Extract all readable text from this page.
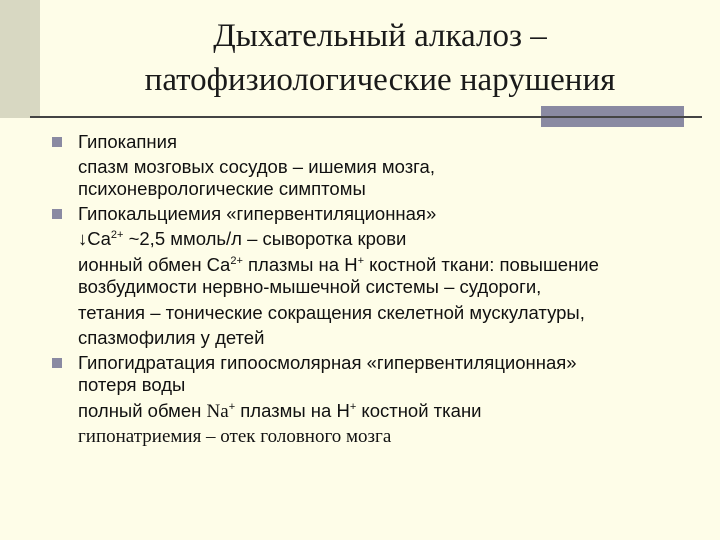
Дыхательный алкалоз –
патофизиологические нарушения
Гипокапния
спазм мозговых сосудов – ишемия мозга,
психоневрологические симптомы
Гипокальциемия «гипервентиляционная»
$↓Ca^{2+}$ ~2,5 ммоль/л – сыворотка крови
ионный обмен $Ca^{2+}$ плазмы на H+ костной ткани: повышение
возбудимости нервно-мышечной системы – судороги,
тетания – тонические сокращения скелетной мускулатуры,
спазмофилия у детей
Гипогидратация гипоосмолярная «гипервентиляционная»
потеря воды
полный обмен Na+ плазмы на H+ костной ткани
гипонатриемия – отек головного мозга
